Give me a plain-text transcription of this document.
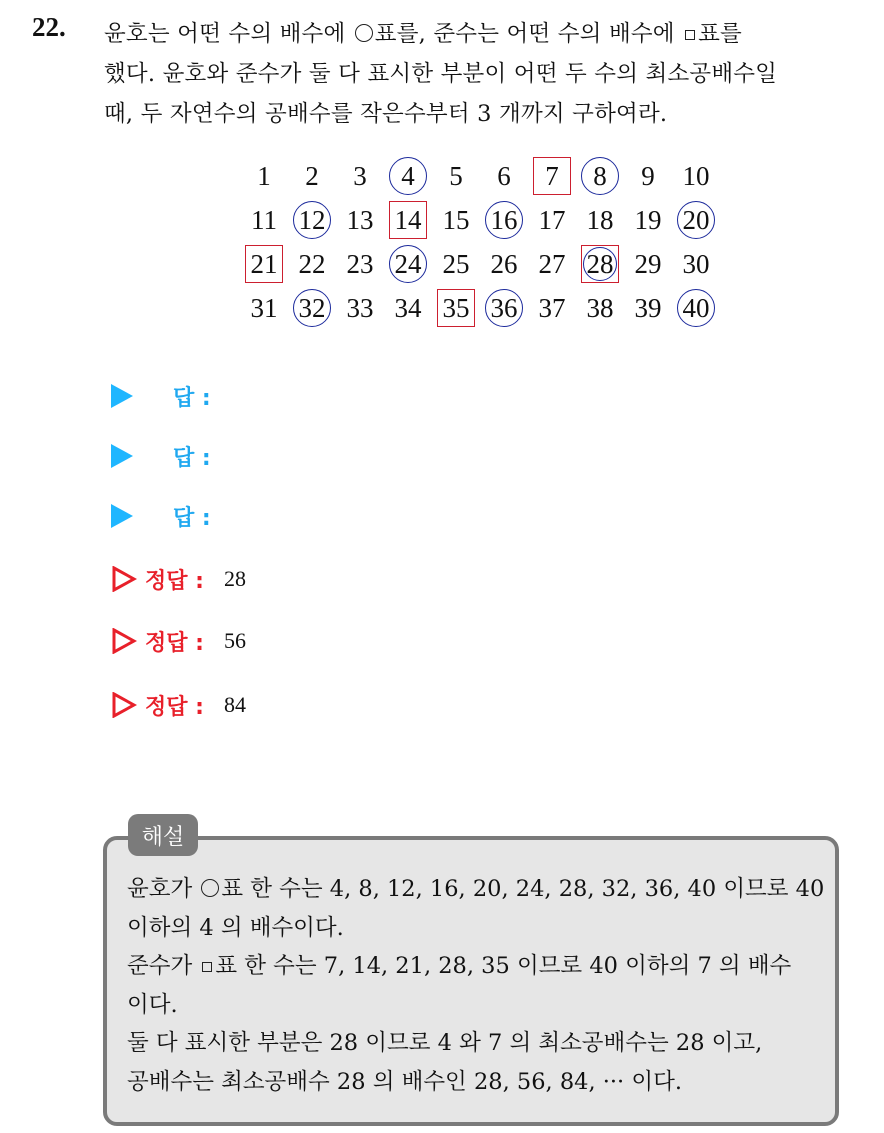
22. 윤호는 어떤 수의 배수에 ○ 표를, 준수는 어떤 수의 배수에 표를
했다. 윤호와 준수가 둘 다 표시한 부분이 어떤 두 수의 최소공배수일
때, 두 자연수의 공배수를 작은수부터 3 개까지 구하여라.
1 2 3	4	5 6	7	8	9 10
11 12 13 14 15 16 17 18 19 20
21 22 23 24 25 26 27 28 29 30
31 32 33 34 35 36 37 38 39 40
답 :
답 :
답 :
정답 : 28
정답 : 56
정답 : 84
해설
윤호가 ○ 표 한 수는 4, 8, 12, 16, 20, 24, 28, 32, 36, 40 이므로 40
이하의 4 의 배수이다.
준수가 표 한 수는 7, 14, 21, 28, 35 이므로 40 이하의 7 의 배수
이다.
둘 다 표시한 부분은 28 이므로 4 와 7 의 최소공배수는 28 이고,
공배수는 최소공배수 28 의 배수인 28, 56, 84, ··· 이다.
